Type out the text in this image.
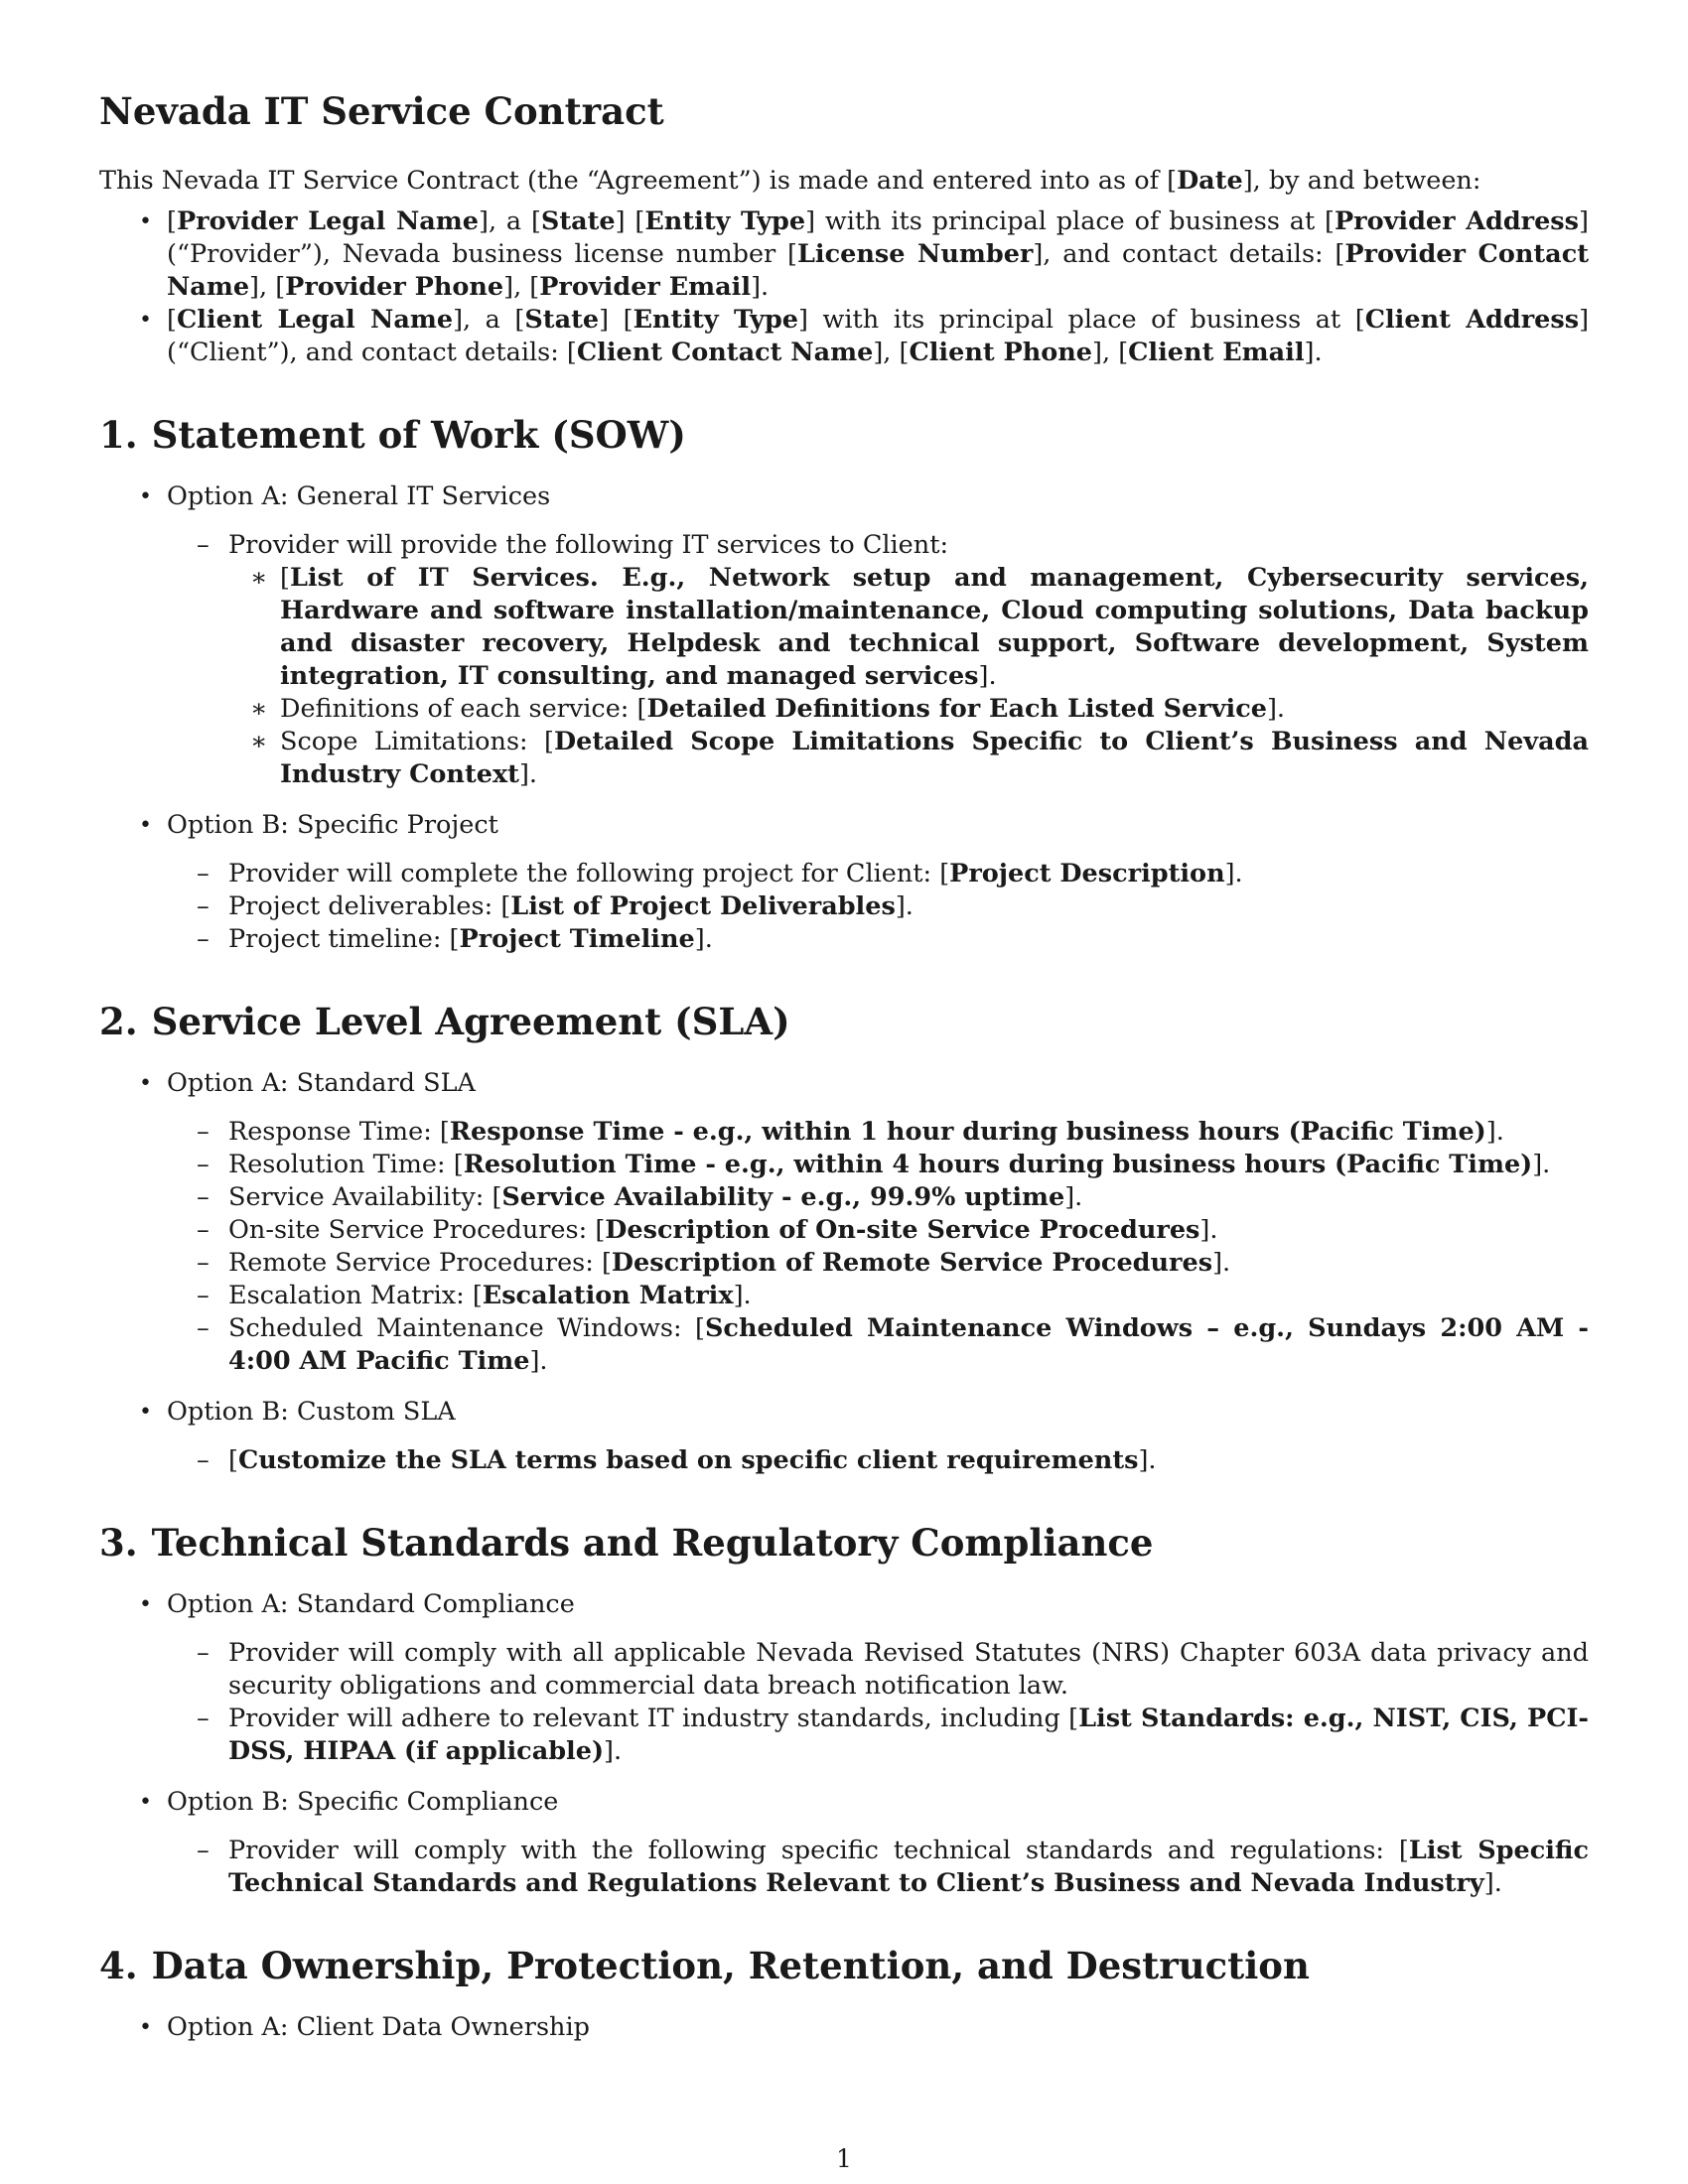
Nevada IT Service Contract

This Nevada IT Service Contract (the “Agreement”) is made and entered into as of [Date], by and between:

• [Provider Legal Name], a [State] [Entity Type] with its principal place of business at [Provider Address] (“Provider”), Nevada business license number [License Number], and contact details: [Provider Contact Name], [Provider Phone], [Provider Email].
• [Client Legal Name], a [State] [Entity Type] with its principal place of business at [Client Address] (“Client”), and contact details: [Client Contact Name], [Client Phone], [Client Email].
1. Statement of Work (SOW)
• Option A: General IT Services
– Provider will provide the following IT services to Client:
∗ [List of IT Services. E.g., Network setup and management, Cybersecurity services, Hardware and software installation/maintenance, Cloud computing solutions, Data backup and disaster recovery, Helpdesk and technical support, Software development, System integration, IT consulting, and managed services].
∗ Definitions of each service: [Detailed Definitions for Each Listed Service].
∗ Scope Limitations: [Detailed Scope Limitations Specific to Client’s Business and Nevada Industry Context].
• Option B: Specific Project
– Provider will complete the following project for Client: [Project Description].
– Project deliverables: [List of Project Deliverables].
– Project timeline: [Project Timeline].
2. Service Level Agreement (SLA)
• Option A: Standard SLA
– Response Time: [Response Time - e.g., within 1 hour during business hours (Pacific Time)].
– Resolution Time: [Resolution Time - e.g., within 4 hours during business hours (Pacific Time)].
– Service Availability: [Service Availability - e.g., 99.9% uptime].
– On-site Service Procedures: [Description of On-site Service Procedures].
– Remote Service Procedures: [Description of Remote Service Procedures].
– Escalation Matrix: [Escalation Matrix].
– Scheduled Maintenance Windows: [Scheduled Maintenance Windows – e.g., Sundays 2:00 AM - 4:00 AM Pacific Time].
• Option B: Custom SLA
– [Customize the SLA terms based on specific client requirements].
3. Technical Standards and Regulatory Compliance
• Option A: Standard Compliance
– Provider will comply with all applicable Nevada Revised Statutes (NRS) Chapter 603A data privacy and security obligations and commercial data breach notification law.
– Provider will adhere to relevant IT industry standards, including [List Standards: e.g., NIST, CIS, PCI-DSS, HIPAA (if applicable)].
• Option B: Specific Compliance
– Provider will comply with the following specific technical standards and regulations: [List Specific Technical Standards and Regulations Relevant to Client’s Business and Nevada Industry].
4. Data Ownership, Protection, Retention, and Destruction
• Option A: Client Data Ownership
1
